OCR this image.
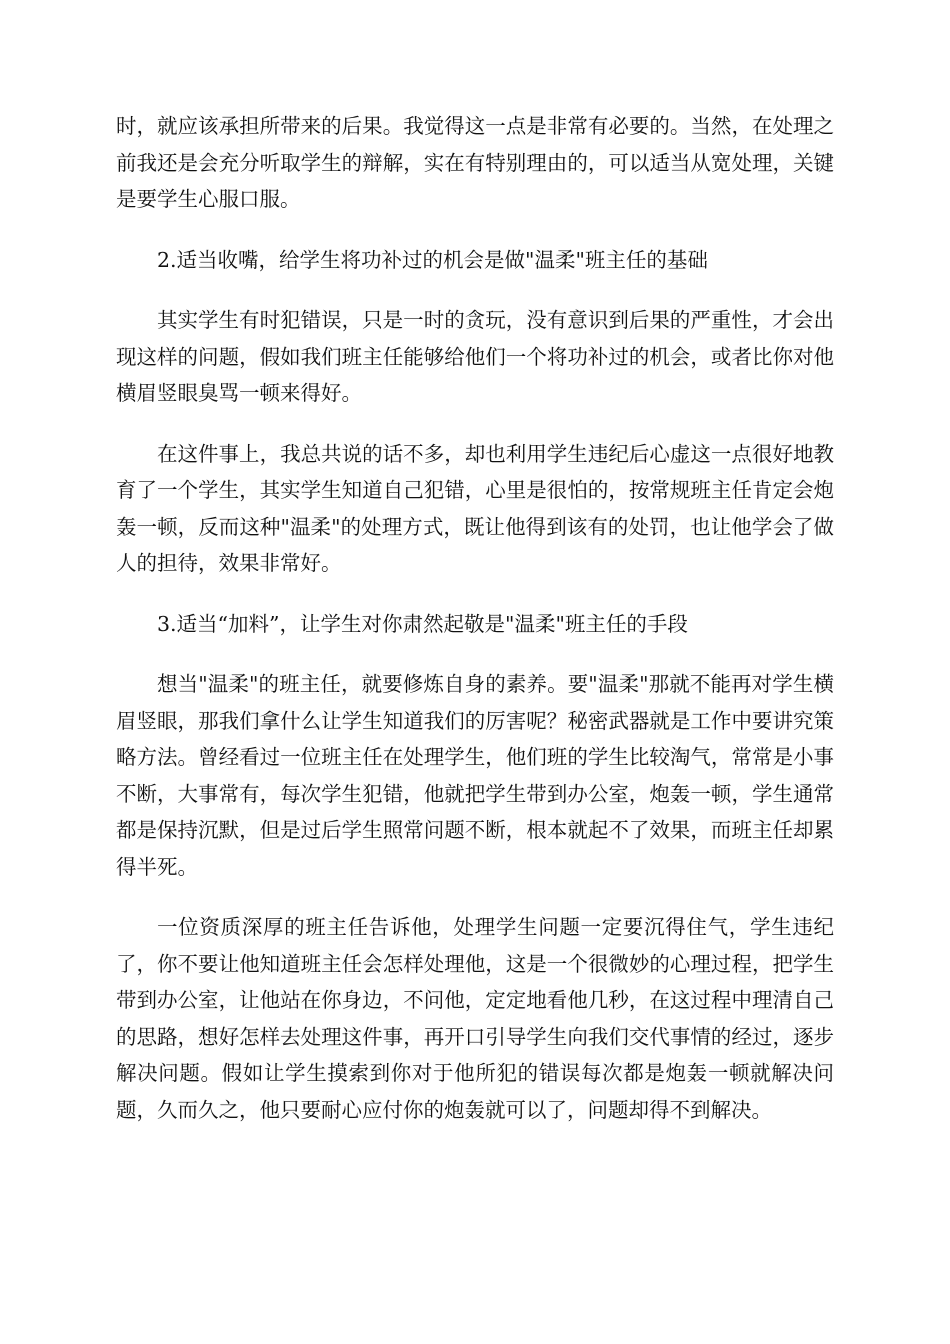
时，就应该承担所带来的后果。我觉得这一点是非常有必要的。当然，在处理之前我还是会充分听取学生的辩解，实在有特别理由的，可以适当从宽处理，关键是要学生心服口服。

2.适当收嘴，给学生将功补过的机会是做"温柔"班主任的基础

其实学生有时犯错误，只是一时的贪玩，没有意识到后果的严重性，才会出现这样的问题，假如我们班主任能够给他们一个将功补过的机会，或者比你对他横眉竖眼臭骂一顿来得好。

在这件事上，我总共说的话不多，却也利用学生违纪后心虚这一点很好地教育了一个学生，其实学生知道自己犯错，心里是很怕的，按常规班主任肯定会炮轰一顿，反而这种"温柔"的处理方式，既让他得到该有的处罚，也让他学会了做人的担待，效果非常好。

3.适当“加料”，让学生对你肃然起敬是"温柔"班主任的手段

想当"温柔"的班主任，就要修炼自身的素养。要"温柔"那就不能再对学生横眉竖眼，那我们拿什么让学生知道我们的厉害呢？秘密武器就是工作中要讲究策略方法。曾经看过一位班主任在处理学生，他们班的学生比较淘气，常常是小事不断，大事常有，每次学生犯错，他就把学生带到办公室，炮轰一顿，学生通常都是保持沉默，但是过后学生照常问题不断，根本就起不了效果，而班主任却累得半死。

一位资质深厚的班主任告诉他，处理学生问题一定要沉得住气，学生违纪了，你不要让他知道班主任会怎样处理他，这是一个很微妙的心理过程，把学生带到办公室，让他站在你身边，不问他，定定地看他几秒，在这过程中理清自己的思路，想好怎样去处理这件事，再开口引导学生向我们交代事情的经过，逐步解决问题。假如让学生摸索到你对于他所犯的错误每次都是炮轰一顿就解决问题，久而久之，他只要耐心应付你的炮轰就可以了，问题却得不到解决。
